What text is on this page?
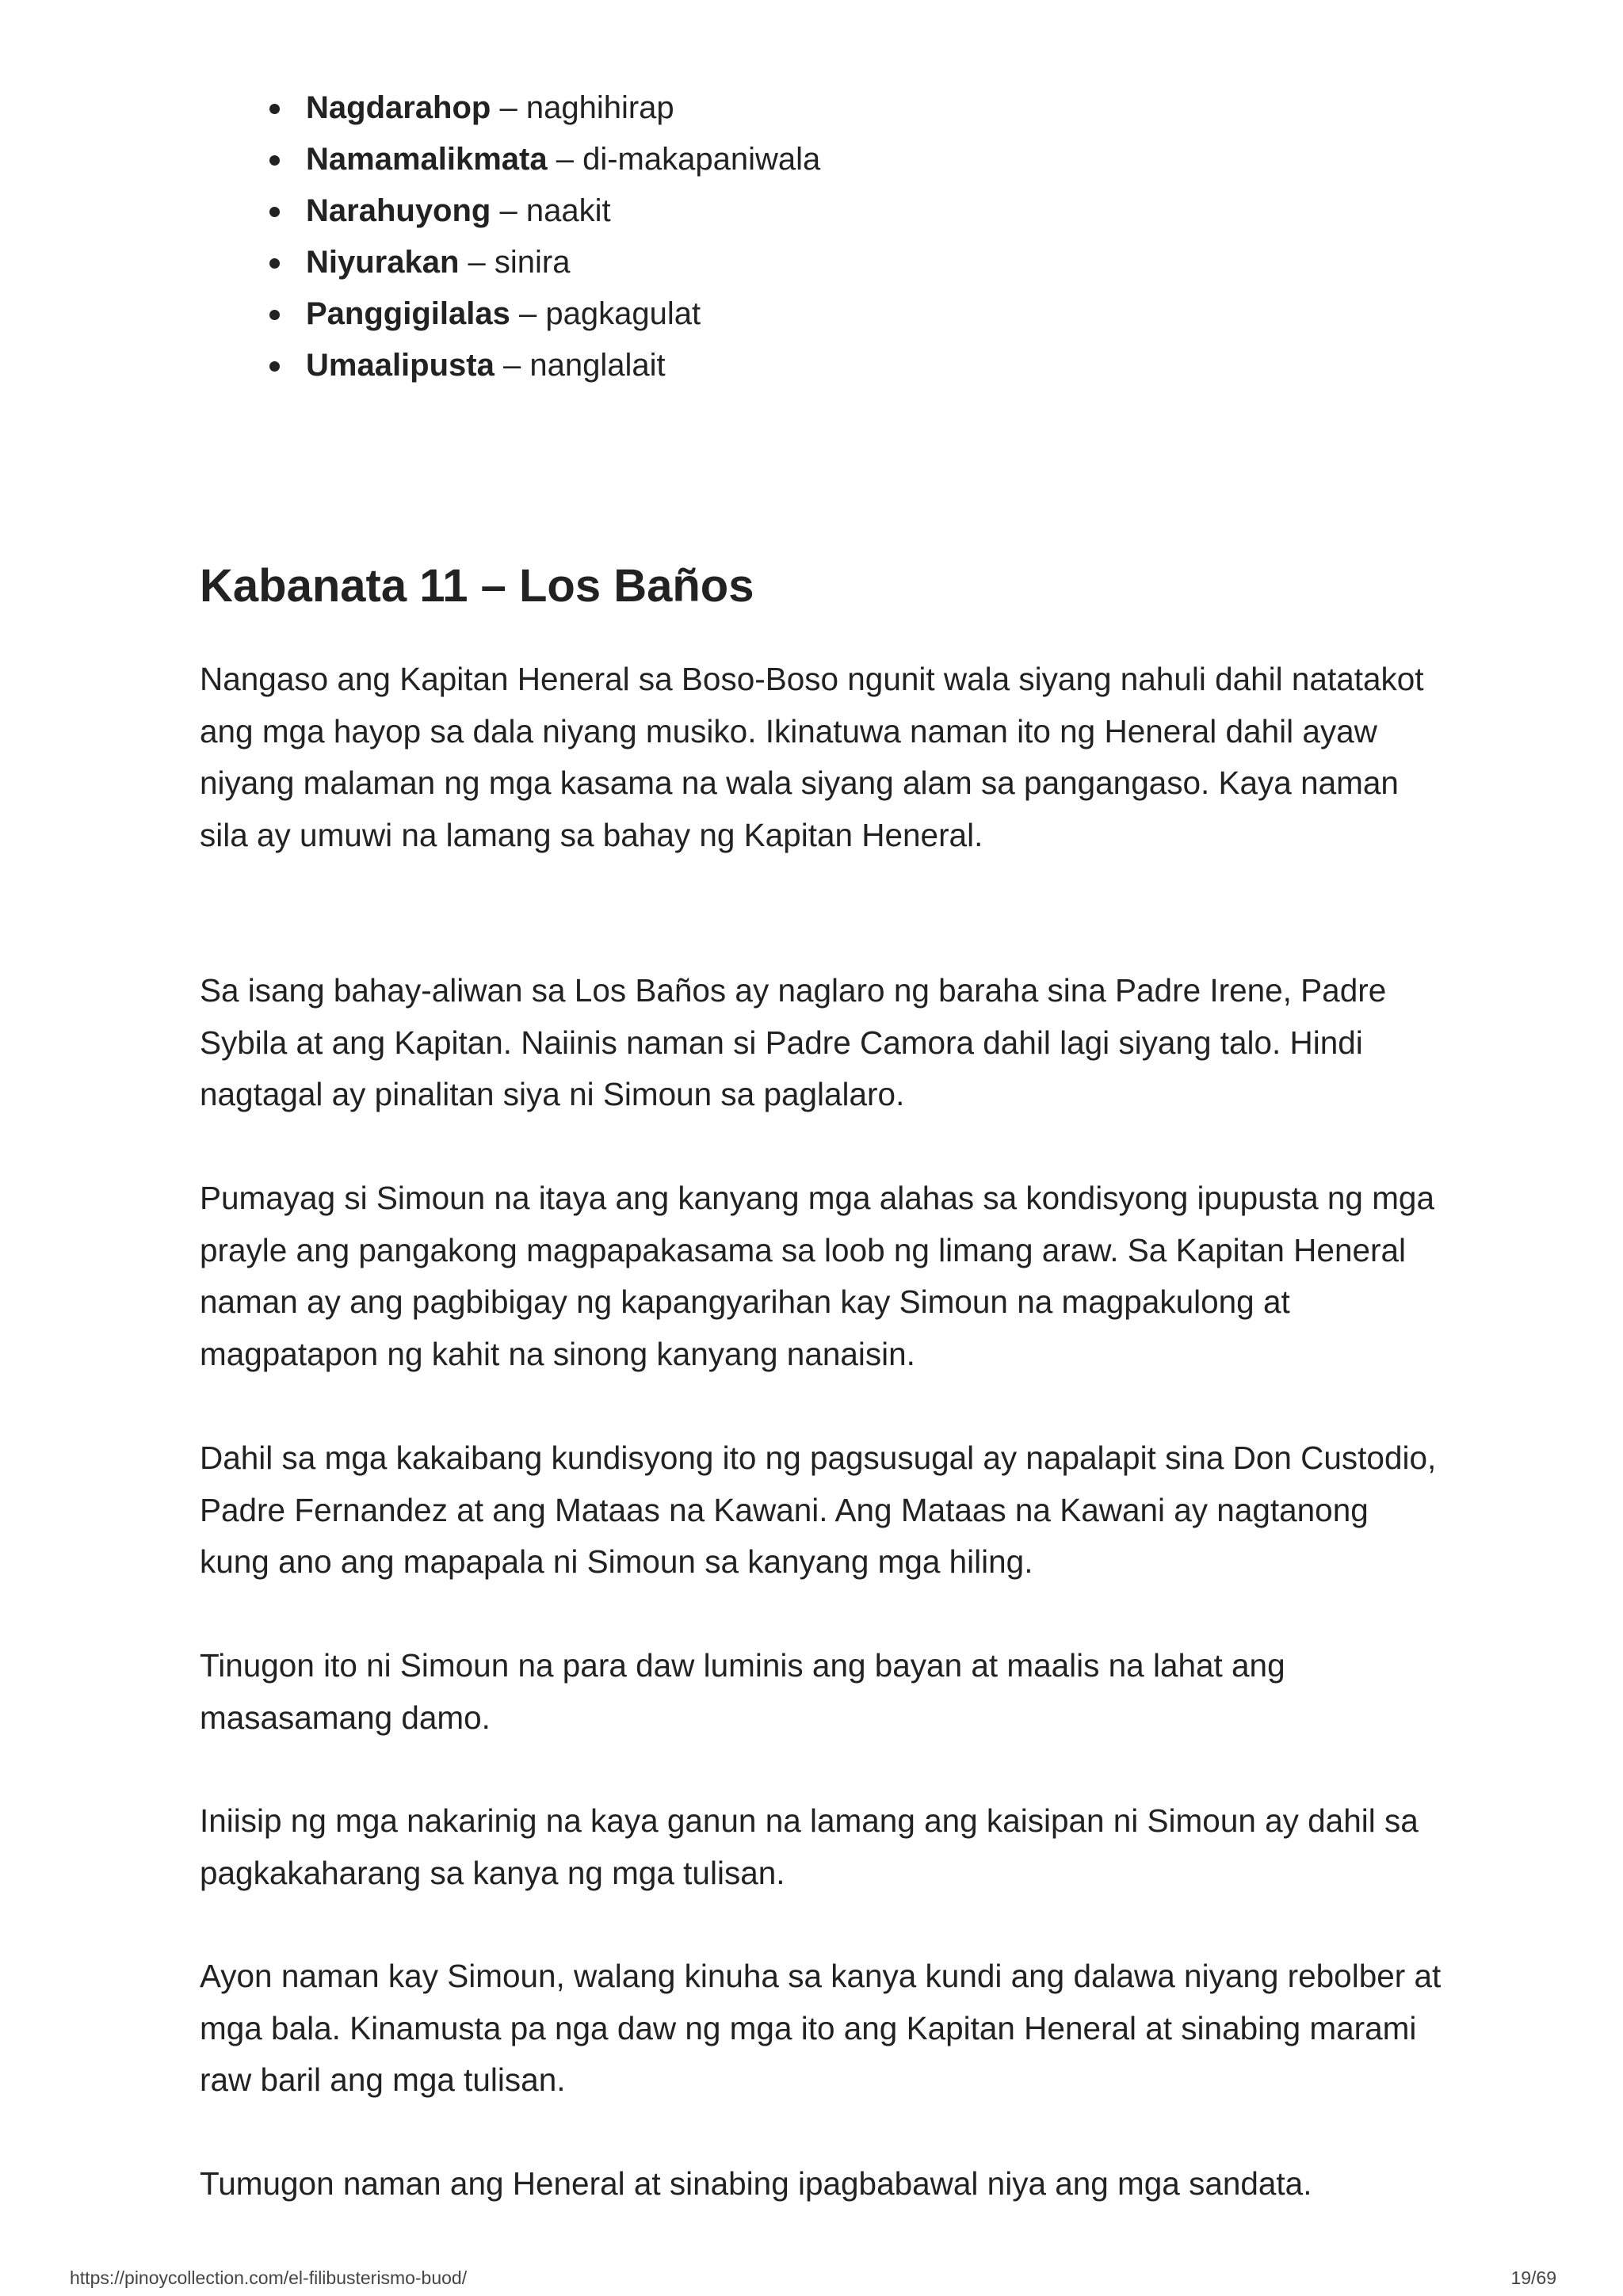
Nagdarahop – naghihirap
Namamalikmata – di-makapaniwala
Narahuyong – naakit
Niyurakan – sinira
Panggigilalas – pagkagulat
Umaalipusta – nanglalait
Kabanata 11 – Los Baños

Nangaso ang Kapitan Heneral sa Boso-Boso ngunit wala siyang nahuli dahil natatakot ang mga hayop sa dala niyang musiko. Ikinatuwa naman ito ng Heneral dahil ayaw niyang malaman ng mga kasama na wala siyang alam sa pangangaso. Kaya naman sila ay umuwi na lamang sa bahay ng Kapitan Heneral.

Sa isang bahay-aliwan sa Los Baños ay naglaro ng baraha sina Padre Irene, Padre Sybila at ang Kapitan. Naiinis naman si Padre Camora dahil lagi siyang talo. Hindi nagtagal ay pinalitan siya ni Simoun sa paglalaro.

Pumayag si Simoun na itaya ang kanyang mga alahas sa kondisyong ipupusta ng mga prayle ang pangakong magpapakasama sa loob ng limang araw. Sa Kapitan Heneral naman ay ang pagbibigay ng kapangyarihan kay Simoun na magpakulong at magpatapon ng kahit na sinong kanyang nanaisin.

Dahil sa mga kakaibang kundisyong ito ng pagsusugal ay napalapit sina Don Custodio, Padre Fernandez at ang Mataas na Kawani. Ang Mataas na Kawani ay nagtanong kung ano ang mapapala ni Simoun sa kanyang mga hiling.

Tinugon ito ni Simoun na para daw luminis ang bayan at maalis na lahat ang masasamang damo.

Iniisip ng mga nakarinig na kaya ganun na lamang ang kaisipan ni Simoun ay dahil sa pagkakaharang sa kanya ng mga tulisan.

Ayon naman kay Simoun, walang kinuha sa kanya kundi ang dalawa niyang rebolber at mga bala. Kinamusta pa nga daw ng mga ito ang Kapitan Heneral at sinabing marami raw baril ang mga tulisan.

Tumugon naman ang Heneral at sinabing ipagbabawal niya ang mga sandata.

https://pinoycollection.com/el-filibusterismo-buod/	19/69
